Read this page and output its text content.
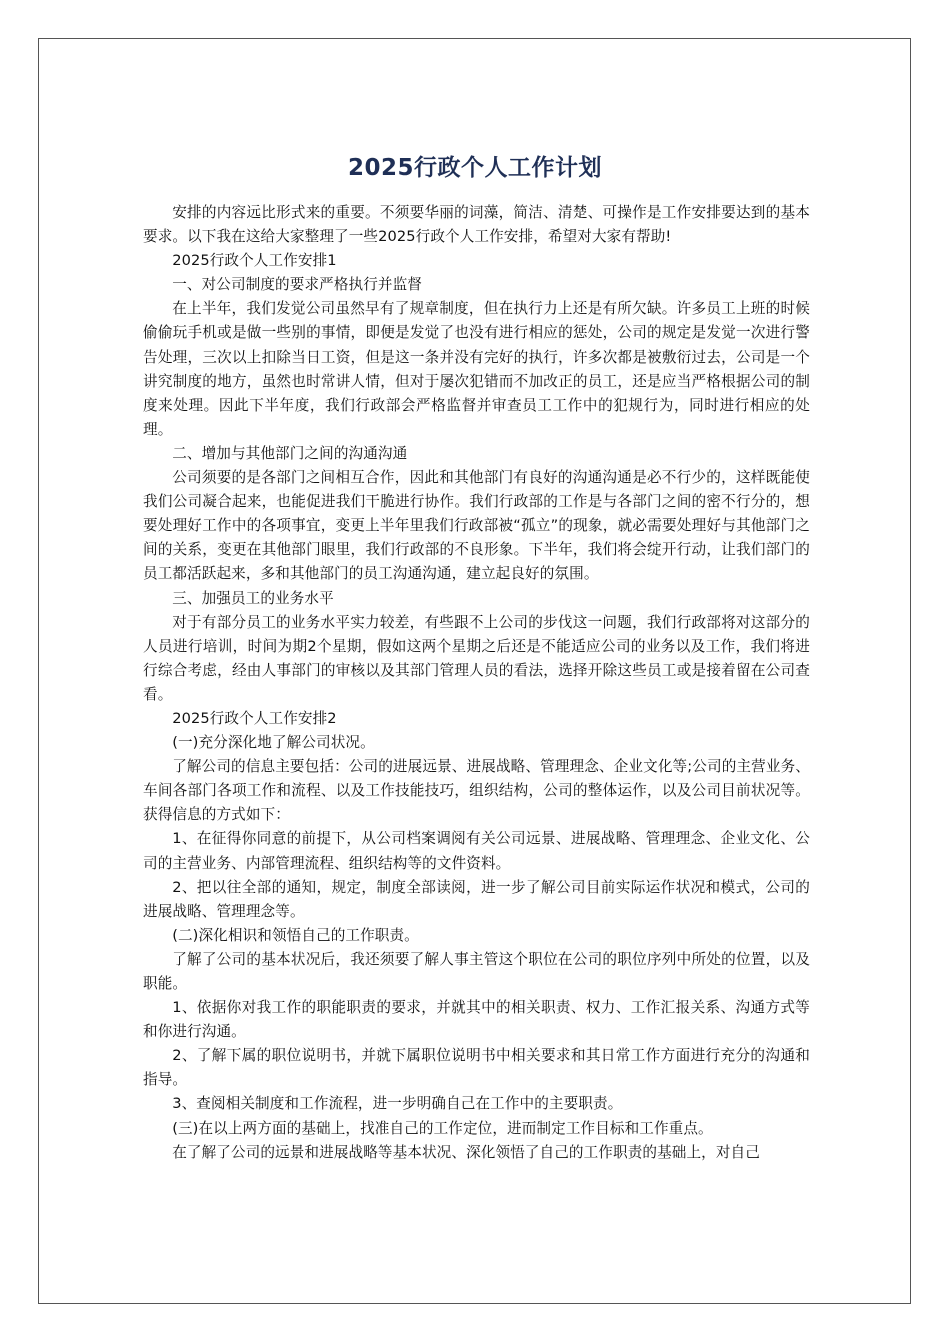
2025行政个人工作计划

安排的内容远比形式来的重要。不须要华丽的词藻，简洁、清楚、可操作是工作安排要达到的基本要求。以下我在这给大家整理了一些2025行政个人工作安排，希望对大家有帮助!

2025行政个人工作安排1

一、对公司制度的要求严格执行并监督

在上半年，我们发觉公司虽然早有了规章制度，但在执行力上还是有所欠缺。许多员工上班的时候偷偷玩手机或是做一些别的事情，即便是发觉了也没有进行相应的惩处，公司的规定是发觉一次进行警告处理，三次以上扣除当日工资，但是这一条并没有完好的执行，许多次都是被敷衍过去，公司是一个讲究制度的地方，虽然也时常讲人情，但对于屡次犯错而不加改正的员工，还是应当严格根据公司的制度来处理。因此下半年度，我们行政部会严格监督并审查员工工作中的犯规行为，同时进行相应的处理。

二、增加与其他部门之间的沟通沟通

公司须要的是各部门之间相互合作，因此和其他部门有良好的沟通沟通是必不行少的，这样既能使我们公司凝合起来，也能促进我们干脆进行协作。我们行政部的工作是与各部门之间的密不行分的，想要处理好工作中的各项事宜，变更上半年里我们行政部被“孤立”的现象，就必需要处理好与其他部门之间的关系，变更在其他部门眼里，我们行政部的不良形象。下半年，我们将会绽开行动，让我们部门的员工都活跃起来，多和其他部门的员工沟通沟通，建立起良好的氛围。

三、加强员工的业务水平

对于有部分员工的业务水平实力较差，有些跟不上公司的步伐这一问题，我们行政部将对这部分的人员进行培训，时间为期2个星期，假如这两个星期之后还是不能适应公司的业务以及工作，我们将进行综合考虑，经由人事部门的审核以及其部门管理人员的看法，选择开除这些员工或是接着留在公司查看。

2025行政个人工作安排2

(一)充分深化地了解公司状况。

了解公司的信息主要包括：公司的进展远景、进展战略、管理理念、企业文化等;公司的主营业务、车间各部门各项工作和流程、以及工作技能技巧，组织结构，公司的整体运作，以及公司目前状况等。获得信息的方式如下：

1、在征得你同意的前提下，从公司档案调阅有关公司远景、进展战略、管理理念、企业文化、公司的主营业务、内部管理流程、组织结构等的文件资料。

2、把以往全部的通知，规定，制度全部读阅，进一步了解公司目前实际运作状况和模式，公司的进展战略、管理理念等。

(二)深化相识和领悟自己的工作职责。

了解了公司的基本状况后，我还须要了解人事主管这个职位在公司的职位序列中所处的位置，以及职能。

1、依据你对我工作的职能职责的要求，并就其中的相关职责、权力、工作汇报关系、沟通方式等和你进行沟通。

2、了解下属的职位说明书，并就下属职位说明书中相关要求和其日常工作方面进行充分的沟通和指导。

3、查阅相关制度和工作流程，进一步明确自己在工作中的主要职责。

(三)在以上两方面的基础上，找准自己的工作定位，进而制定工作目标和工作重点。

在了解了公司的远景和进展战略等基本状况、深化领悟了自己的工作职责的基础上，对自己
